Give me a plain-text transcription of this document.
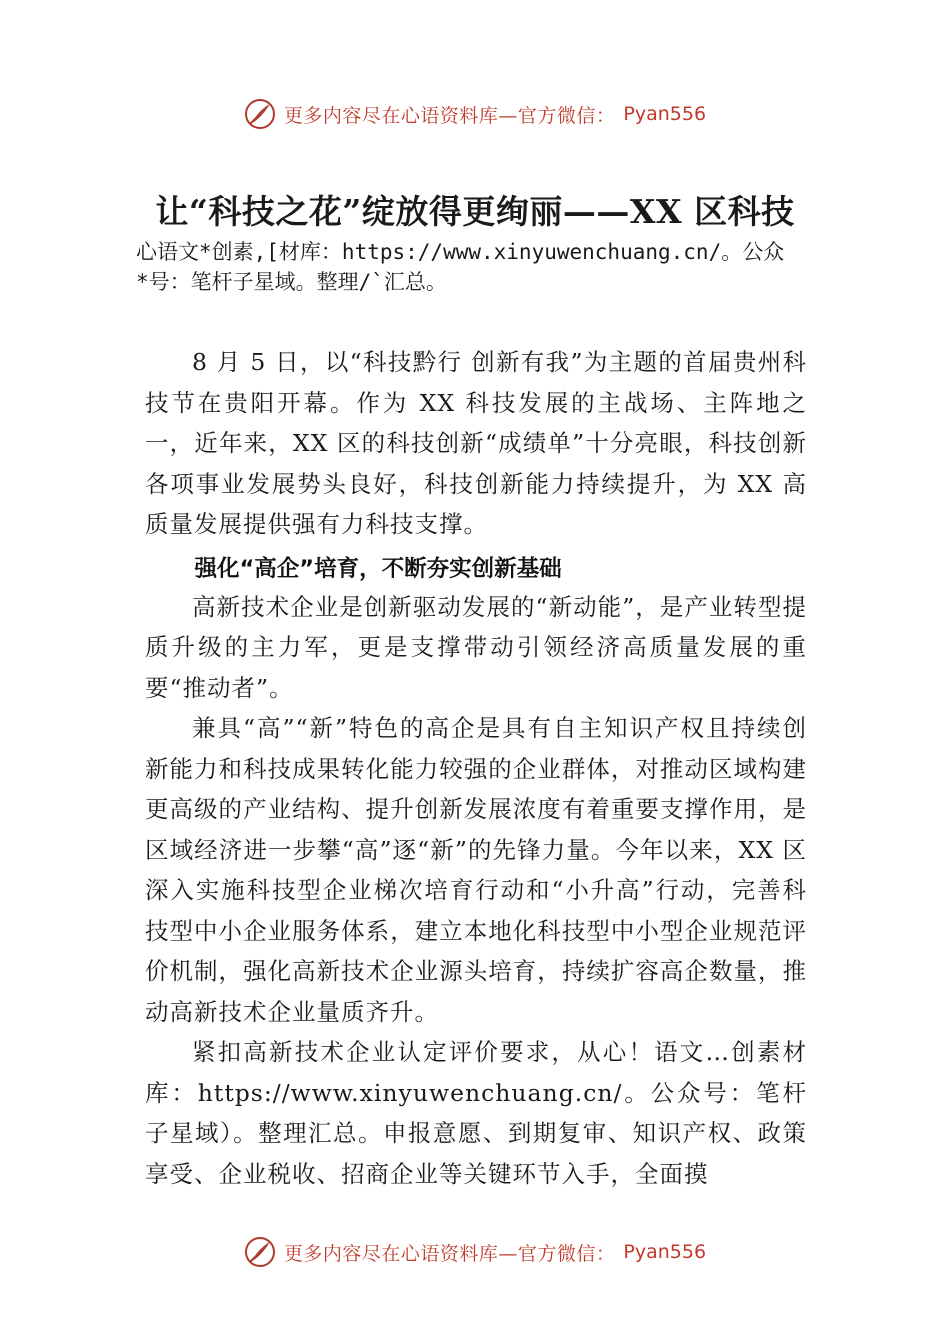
更多内容尽在心语资料库—官方微信： Pyan556
让“科技之花”绽放得更绚丽——XX 区科技
心语文*创素,[材库：https://www.xinyuwenchuang.cn/。公众
*号：笔杆子星域。整理/`汇总。

8 月 5 日，以“科技黔行 创新有我”为主题的首届贵州科技节在贵阳开幕。作为 XX 科技发展的主战场、主阵地之一，近年来，XX 区的科技创新“成绩单”十分亮眼，科技创新各项事业发展势头良好，科技创新能力持续提升，为 XX 高质量发展提供强有力科技支撑。

强化“高企”培育，不断夯实创新基础

高新技术企业是创新驱动发展的“新动能”，是产业转型提质升级的主力军，更是支撑带动引领经济高质量发展的重要“推动者”。

兼具“高”“新”特色的高企是具有自主知识产权且持续创新能力和科技成果转化能力较强的企业群体，对推动区域构建更高级的产业结构、提升创新发展浓度有着重要支撑作用，是区域经济进一步攀“高”逐“新”的先锋力量。今年以来，XX 区深入实施科技型企业梯次培育行动和“小升高”行动，完善科技型中小企业服务体系，建立本地化科技型中小型企业规范评价机制，强化高新技术企业源头培育，持续扩容高企数量，推动高新技术企业量质齐升。

紧扣高新技术企业认定评价要求，从心！语文…创素材库：https://www.xinyuwenchuang.cn/。公众号：笔杆子星域）。整理汇总。申报意愿、到期复审、知识产权、政策享受、企业税收、招商企业等关键环节入手，全面摸

更多内容尽在心语资料库—官方微信： Pyan556
